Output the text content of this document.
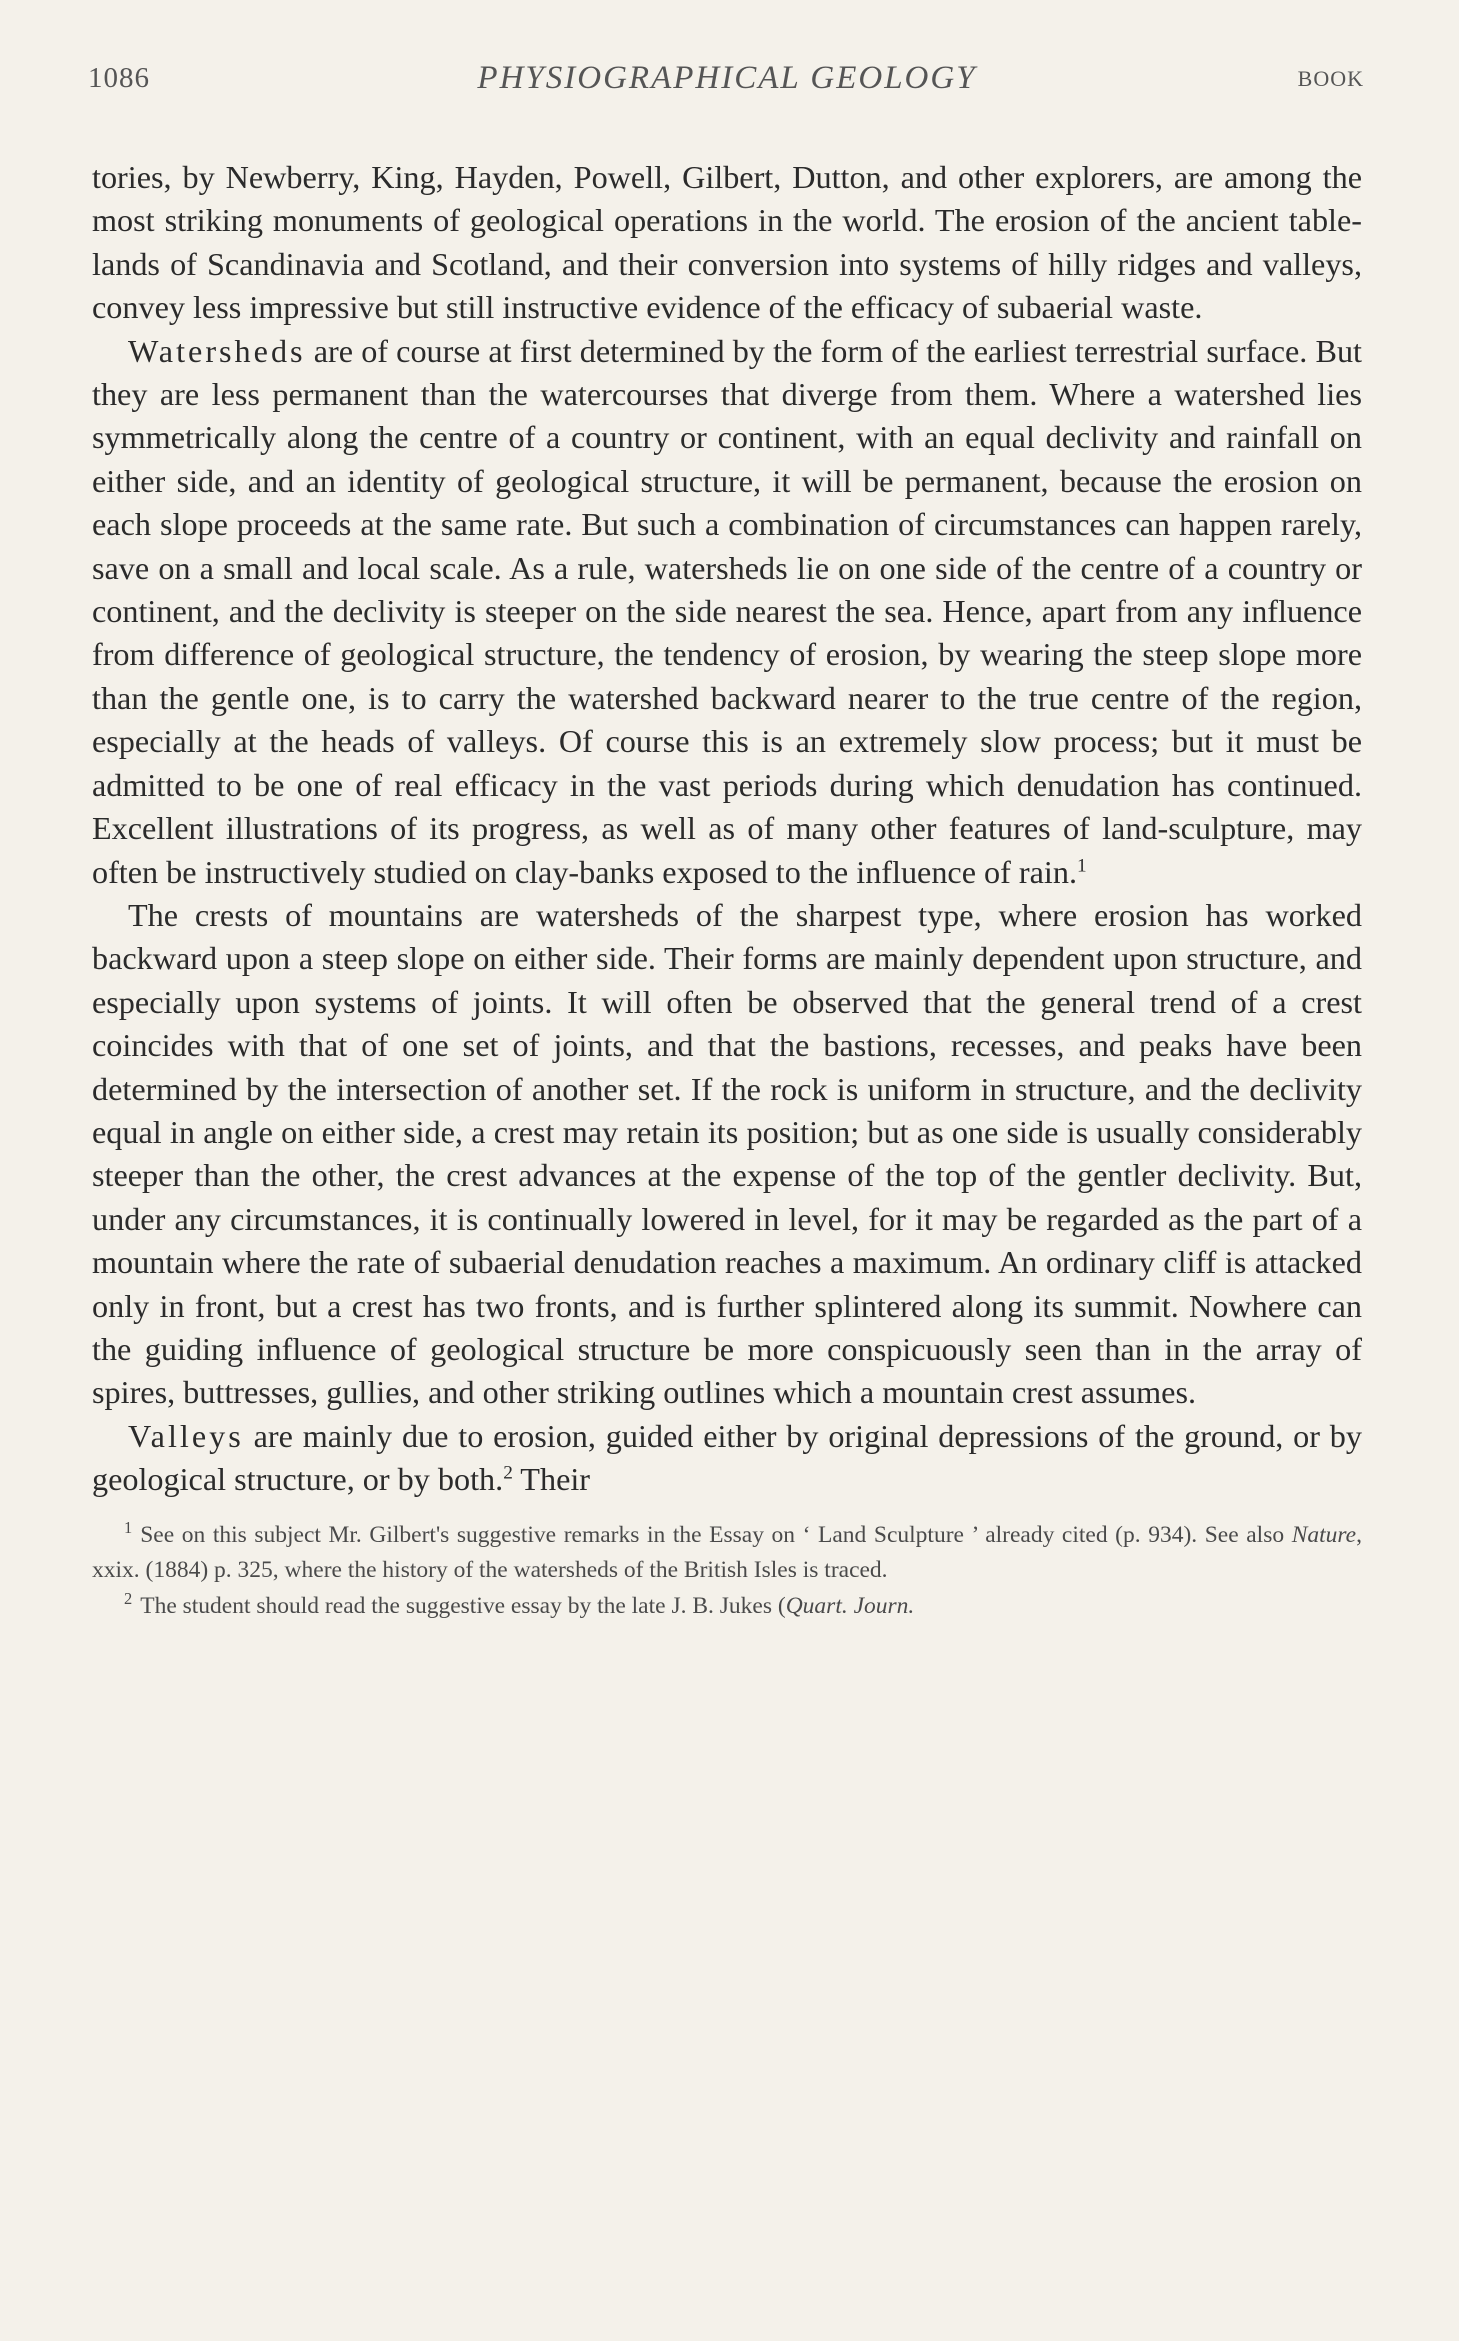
1086	PHYSIOGRAPHICAL GEOLOGY	BOOK

tories, by Newberry, King, Hayden, Powell, Gilbert, Dutton, and other explorers, are among the most striking monuments of geological operations in the world. The erosion of the ancient table-lands of Scandinavia and Scotland, and their conversion into systems of hilly ridges and valleys, convey less impressive but still instructive evidence of the efficacy of subaerial waste.

Watersheds are of course at first determined by the form of the earliest terrestrial surface. But they are less permanent than the watercourses that diverge from them. Where a watershed lies symmetrically along the centre of a country or continent, with an equal declivity and rainfall on either side, and an identity of geological structure, it will be permanent, because the erosion on each slope proceeds at the same rate. But such a combination of circumstances can happen rarely, save on a small and local scale. As a rule, watersheds lie on one side of the centre of a country or continent, and the declivity is steeper on the side nearest the sea. Hence, apart from any influence from difference of geological structure, the tendency of erosion, by wearing the steep slope more than the gentle one, is to carry the watershed backward nearer to the true centre of the region, especially at the heads of valleys. Of course this is an extremely slow process; but it must be admitted to be one of real efficacy in the vast periods during which denudation has continued. Excellent illustrations of its progress, as well as of many other features of land-sculpture, may often be instructively studied on clay-banks exposed to the influence of rain.$^1$

The crests of mountains are watersheds of the sharpest type, where erosion has worked backward upon a steep slope on either side. Their forms are mainly dependent upon structure, and especially upon systems of joints. It will often be observed that the general trend of a crest coincides with that of one set of joints, and that the bastions, recesses, and peaks have been determined by the intersection of another set. If the rock is uniform in structure, and the declivity equal in angle on either side, a crest may retain its position; but as one side is usually considerably steeper than the other, the crest advances at the expense of the top of the gentler declivity. But, under any circumstances, it is continually lowered in level, for it may be regarded as the part of a mountain where the rate of subaerial denudation reaches a maximum. An ordinary cliff is attacked only in front, but a crest has two fronts, and is further splintered along its summit. Nowhere can the guiding influence of geological structure be more conspicuously seen than in the array of spires, buttresses, gullies, and other striking outlines which a mountain crest assumes.

Valleys are mainly due to erosion, guided either by original depressions of the ground, or by geological structure, or by both.$^2$ Their

$^1$ See on this subject Mr. Gilbert's suggestive remarks in the Essay on ‘ Land Sculpture ’ already cited (p. 934). See also Nature, xxix. (1884) p. 325, where the history of the watersheds of the British Isles is traced.

$^2$ The student should read the suggestive essay by the late J. B. Jukes (Quart. Journ.
